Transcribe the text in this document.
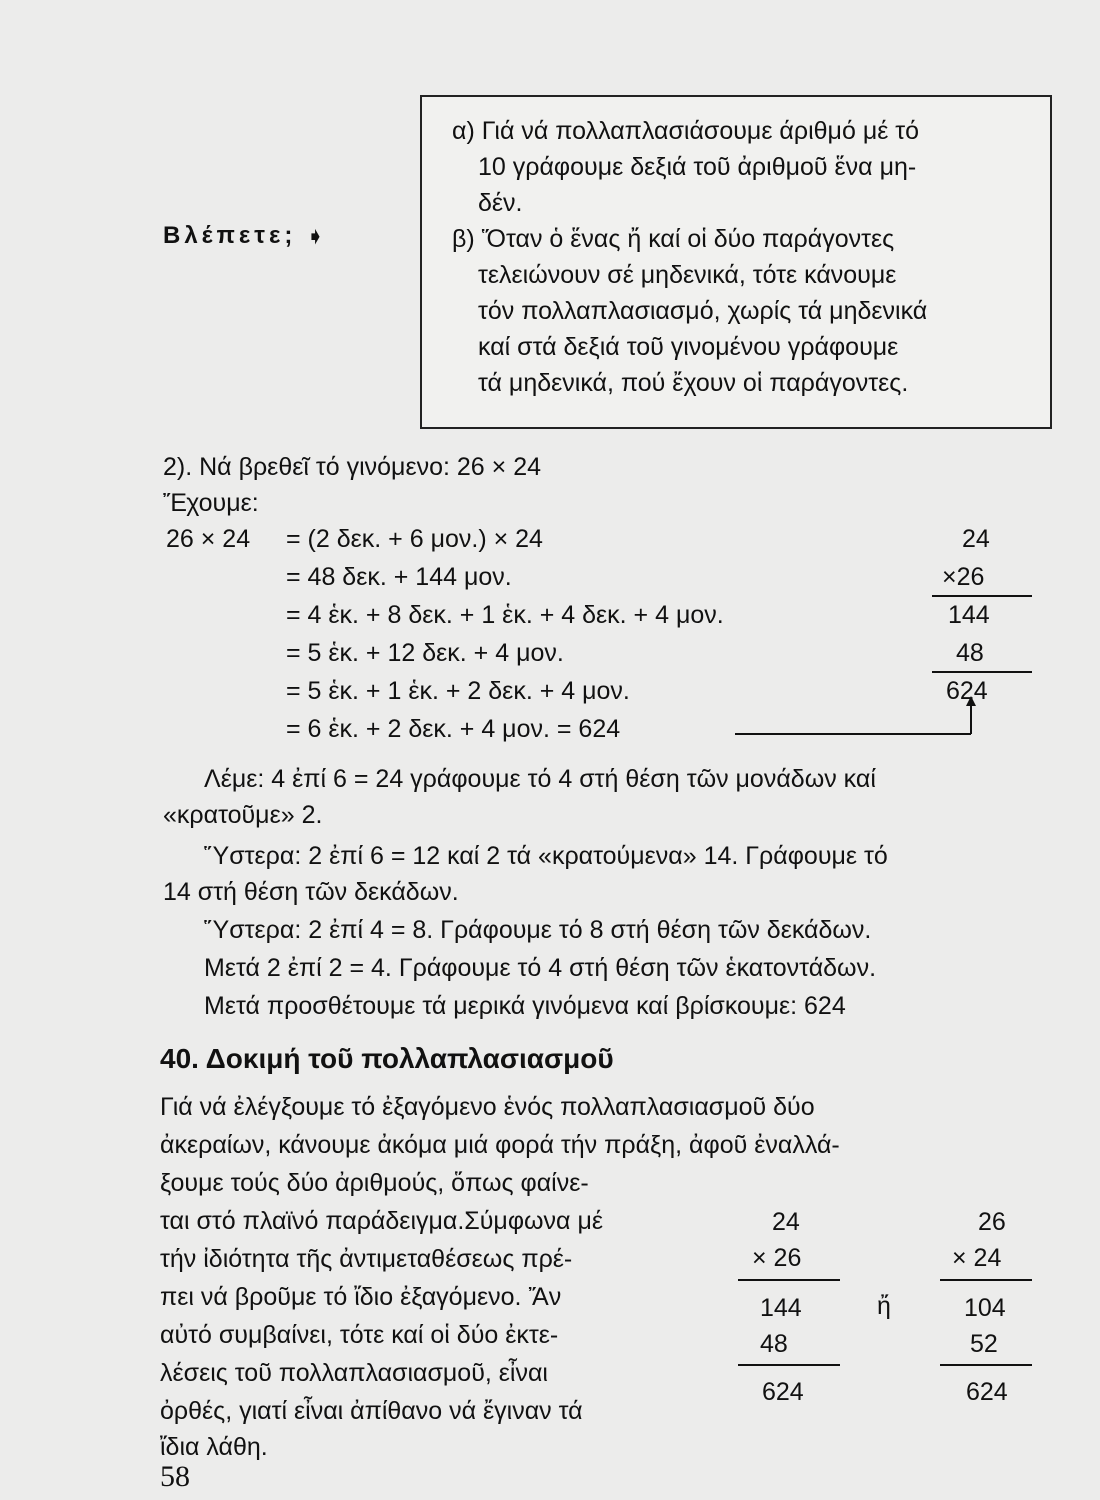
Βλέπετε; ➧
α) Γιά νά πολλαπλασιάσουμε άριθμό μέ τό
10 γράφουμε δεξιά τοῦ ἀριθμοῦ ἕνα μη-
δέν.
β) Ὅταν ὁ ἕνας ἤ καί οἱ δύο παράγοντες
τελειώνουν σέ μηδενικά, τότε κάνουμε
τόν πολλαπλασιασμό, χωρίς τά μηδενικά
καί στά δεξιά τοῦ γινομένου γράφουμε
τά μηδενικά, πού ἔχουν οἱ παράγοντες.
2). Νά βρεθεῖ τό γινόμενο: 26 × 24
Ἔχουμε:
26 × 24 = (2 δεκ. + 6 μον.) × 24
= 48 δεκ. + 144 μον.
= 4 ἑκ. + 8 δεκ. + 1 ἑκ. + 4 δεκ. + 4 μον.
= 5 ἑκ. + 12 δεκ. + 4 μον.
= 5 ἑκ. + 1 ἑκ. + 2 δεκ. + 4 μον.
= 6 ἑκ. + 2 δεκ. + 4 μον. = 624
24
×26
144
48
624
Λέμε: 4 ἐπί 6 = 24 γράφουμε τό 4 στή θέση τῶν μονάδων καί
«κρατοῦμε» 2.
Ὕστερα: 2 ἐπί 6 = 12 καί 2 τά «κρατούμενα» 14. Γράφουμε τό
14 στή θέση τῶν δεκάδων.
Ὕστερα: 2 ἐπί 4 = 8. Γράφουμε τό 8 στή θέση τῶν δεκάδων.
Μετά 2 ἐπί 2 = 4. Γράφουμε τό 4 στή θέση τῶν ἑκατοντάδων.
Μετά προσθέτουμε τά μερικά γινόμενα καί βρίσκουμε: 624
40. Δοκιμή τοῦ πολλαπλασιασμοῦ
Γιά νά ἐλέγξουμε τό ἐξαγόμενο ἑνός πολλαπλασιασμοῦ δύο
ἀκεραίων, κάνουμε ἀκόμα μιά φορά τήν πράξη, ἀφοῦ ἐναλλά-
ξουμε τούς δύο ἀριθμούς, ὅπως φαίνε-
ται στό πλαϊνό παράδειγμα.Σύμφωνα μέ
τήν ἰδιότητα τῆς ἀντιμεταθέσεως πρέ-
πει νά βροῦμε τό ἴδιο ἐξαγόμενο. Ἄν
αὐτό συμβαίνει, τότε καί οἱ δύο ἐκτε-
λέσεις τοῦ πολλαπλασιασμοῦ, εἶναι
ὀρθές, γιατί εἶναι ἀπίθανο νά ἔγιναν τά
ἴδια λάθη.
24
× 26
144
48
624
ἤ
26
× 24
104
52
624
58
